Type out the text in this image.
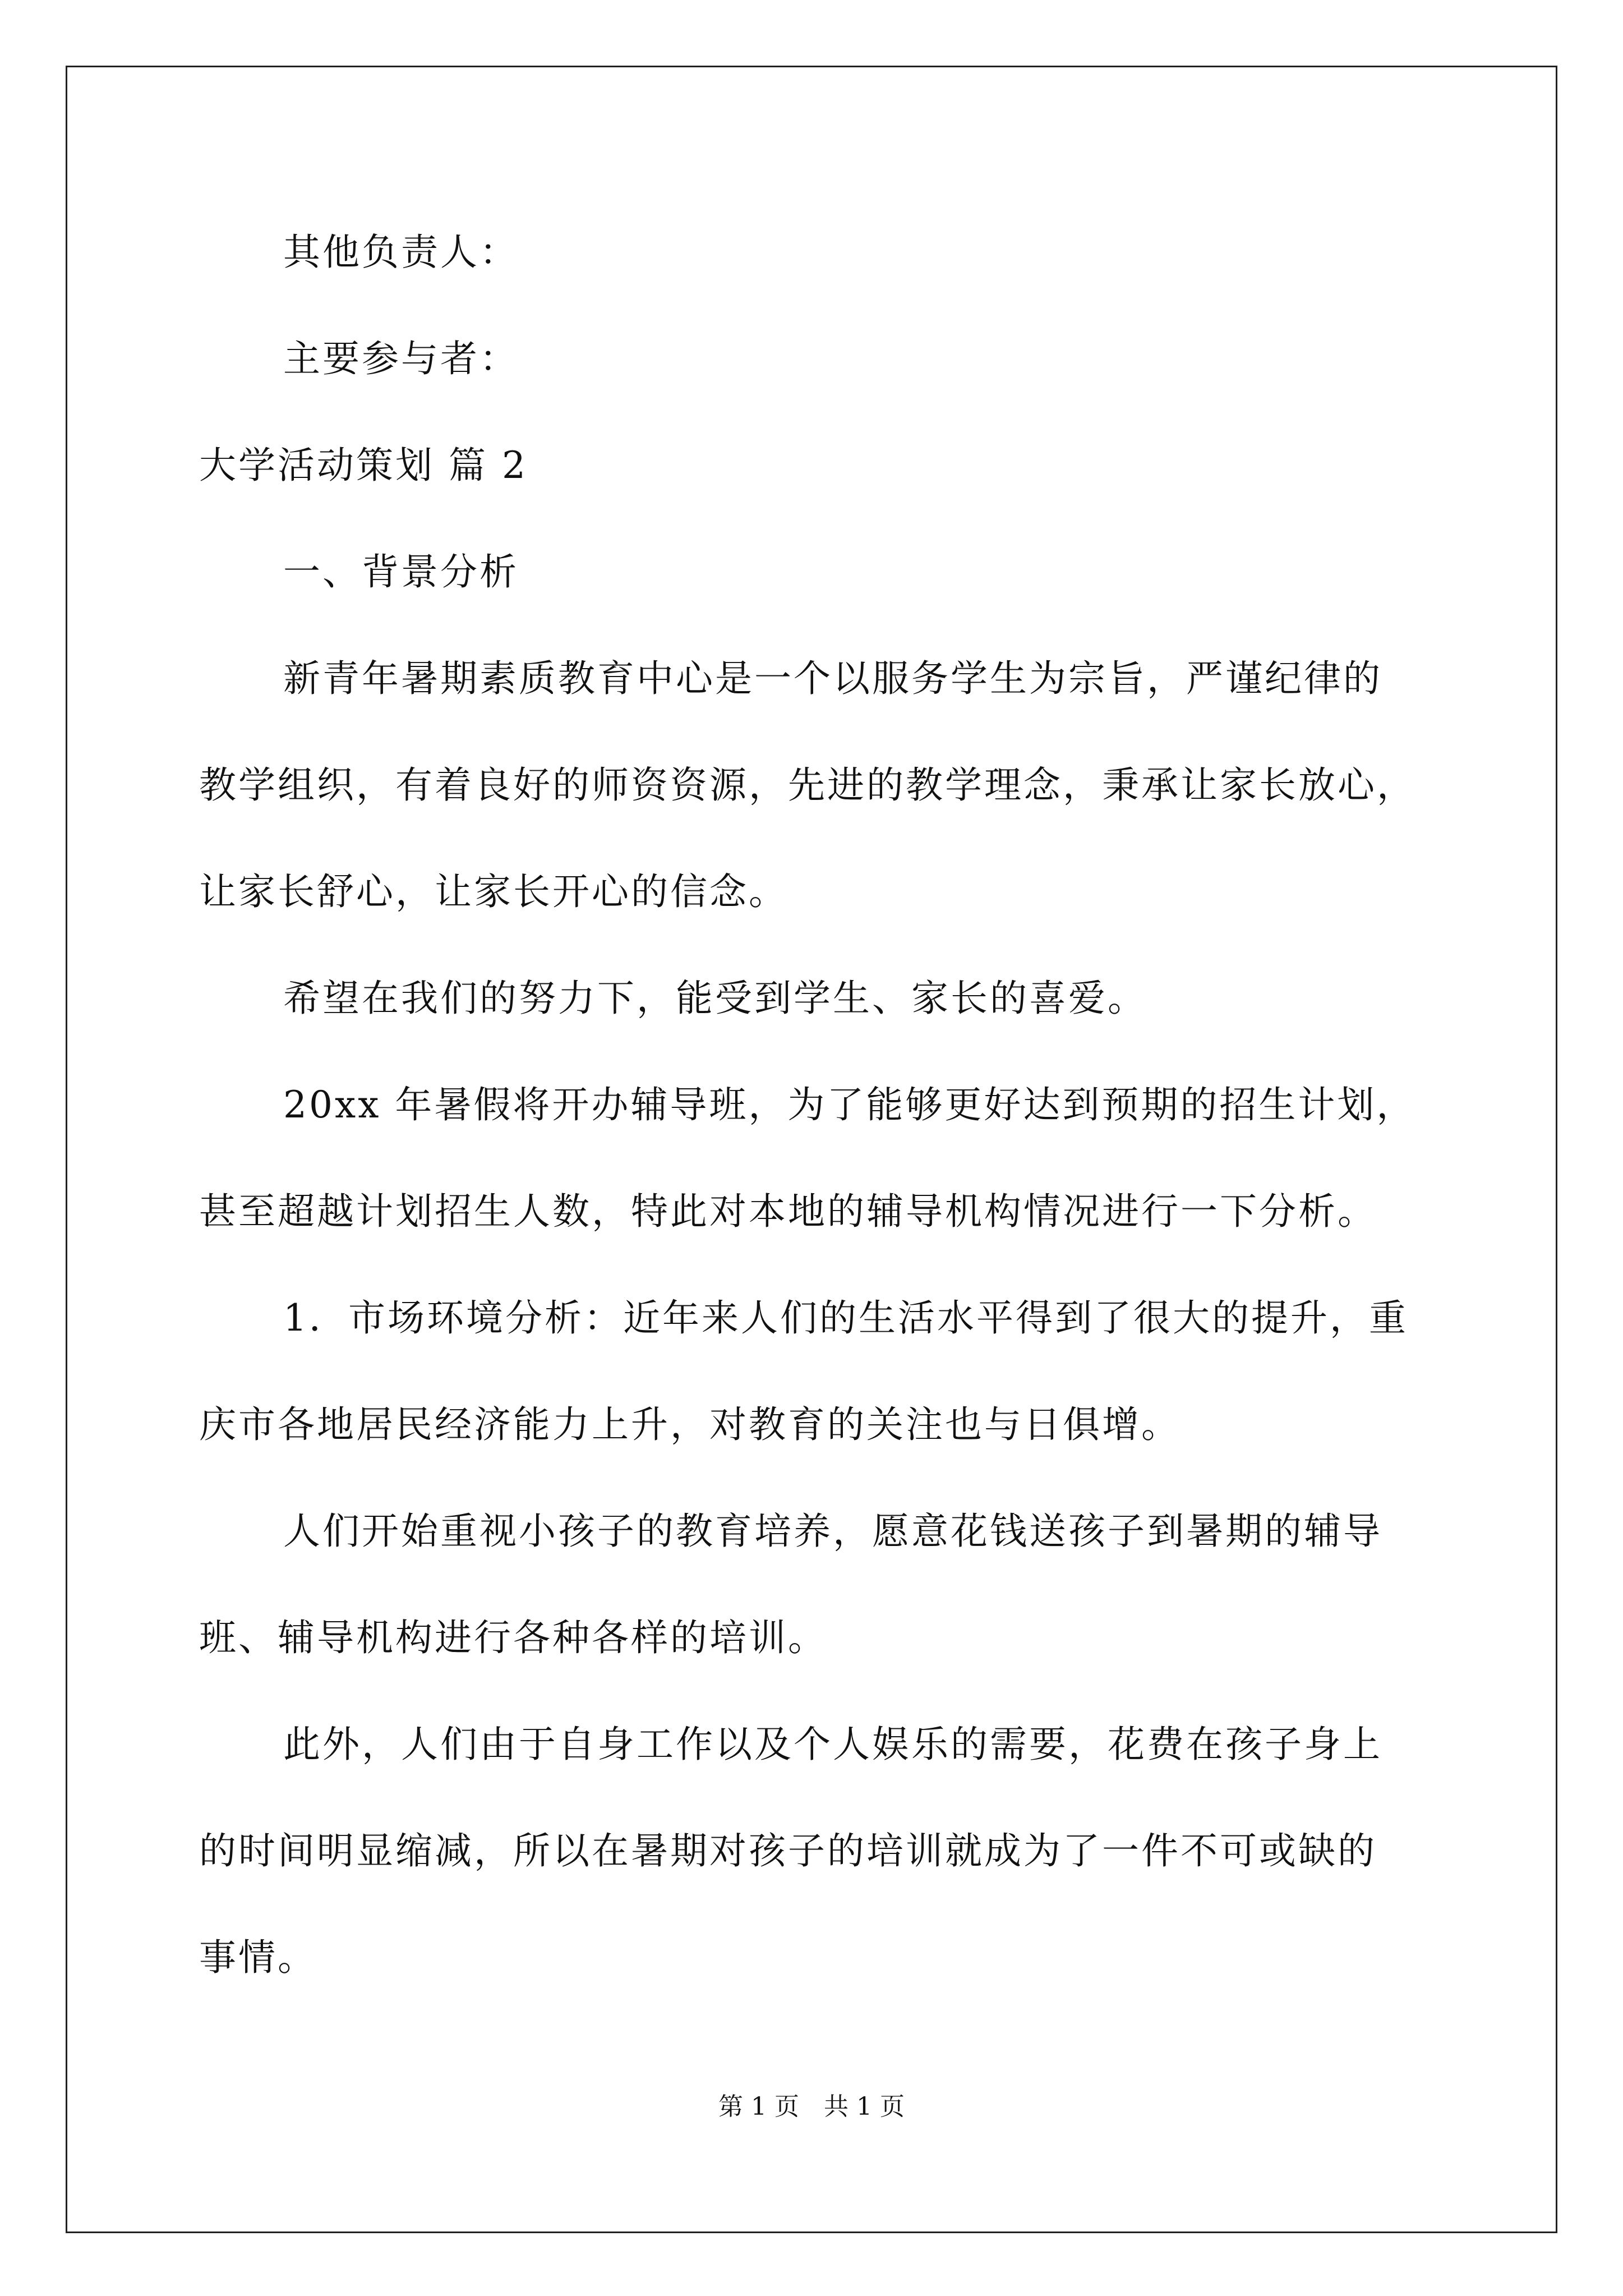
其他负责人：
主要参与者：
大学活动策划 篇 2
一、背景分析
新青年暑期素质教育中心是一个以服务学生为宗旨，严谨纪律的
教学组织，有着良好的师资资源，先进的教学理念，秉承让家长放心，
让家长舒心，让家长开心的信念。
希望在我们的努力下，能受到学生、家长的喜爱。
20xx 年暑假将开办辅导班，为了能够更好达到预期的招生计划，
甚至超越计划招生人数，特此对本地的辅导机构情况进行一下分析。
1．市场环境分析：近年来人们的生活水平得到了很大的提升，重
庆市各地居民经济能力上升，对教育的关注也与日俱增。
人们开始重视小孩子的教育培养，愿意花钱送孩子到暑期的辅导
班、辅导机构进行各种各样的培训。
此外，人们由于自身工作以及个人娱乐的需要，花费在孩子身上
的时间明显缩减，所以在暑期对孩子的培训就成为了一件不可或缺的
事情。
第 1 页　共 1 页
